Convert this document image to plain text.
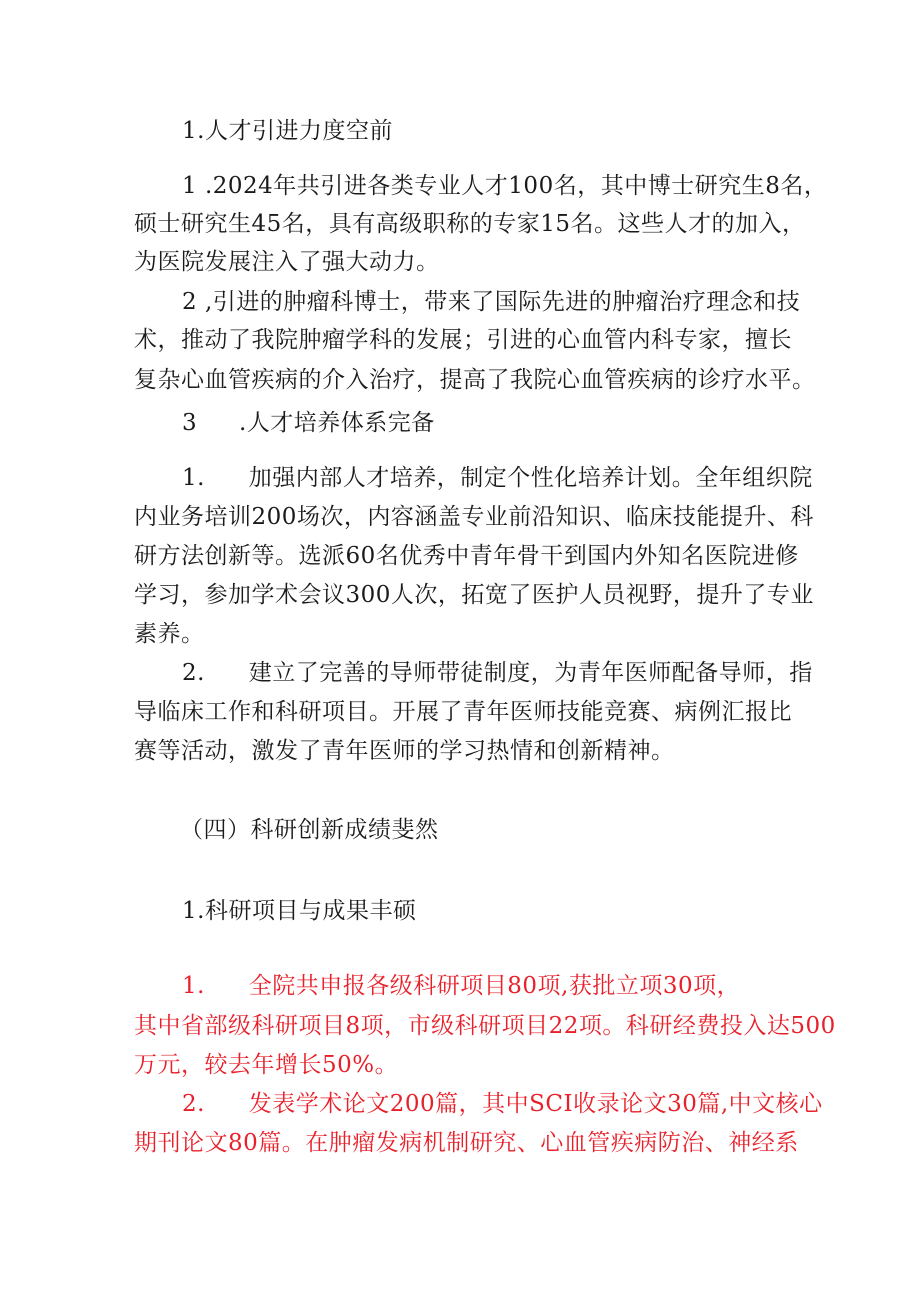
1.人才引进力度空前
1 .2024年共引进各类专业人才100名，其中博士研究生8名，
硕士研究生45名，具有高级职称的专家15名。这些人才的加入，
为医院发展注入了强大动力。
2 ,引进的肿瘤科博士，带来了国际先进的肿瘤治疗理念和技
术，推动了我院肿瘤学科的发展；引进的心血管内科专家，擅长
复杂心血管疾病的介入治疗，提高了我院心血管疾病的诊疗水平。
3 .人才培养体系完备
1. 加强内部人才培养，制定个性化培养计划。全年组织院
内业务培训200场次，内容涵盖专业前沿知识、临床技能提升、科
研方法创新等。选派60名优秀中青年骨干到国内外知名医院进修
学习，参加学术会议300人次，拓宽了医护人员视野，提升了专业
素养。
2. 建立了完善的导师带徒制度，为青年医师配备导师，指
导临床工作和科研项目。开展了青年医师技能竞赛、病例汇报比
赛等活动，激发了青年医师的学习热情和创新精神。
（四）科研创新成绩斐然
1.科研项目与成果丰硕
1. 全院共申报各级科研项目80项,获批立项30项，
其中省部级科研项目8项，市级科研项目22项。科研经费投入达500
万元，较去年增长50%。
2. 发表学术论文200篇，其中SCI收录论文30篇,中文核心
期刊论文80篇。在肿瘤发病机制研究、心血管疾病防治、神经系
